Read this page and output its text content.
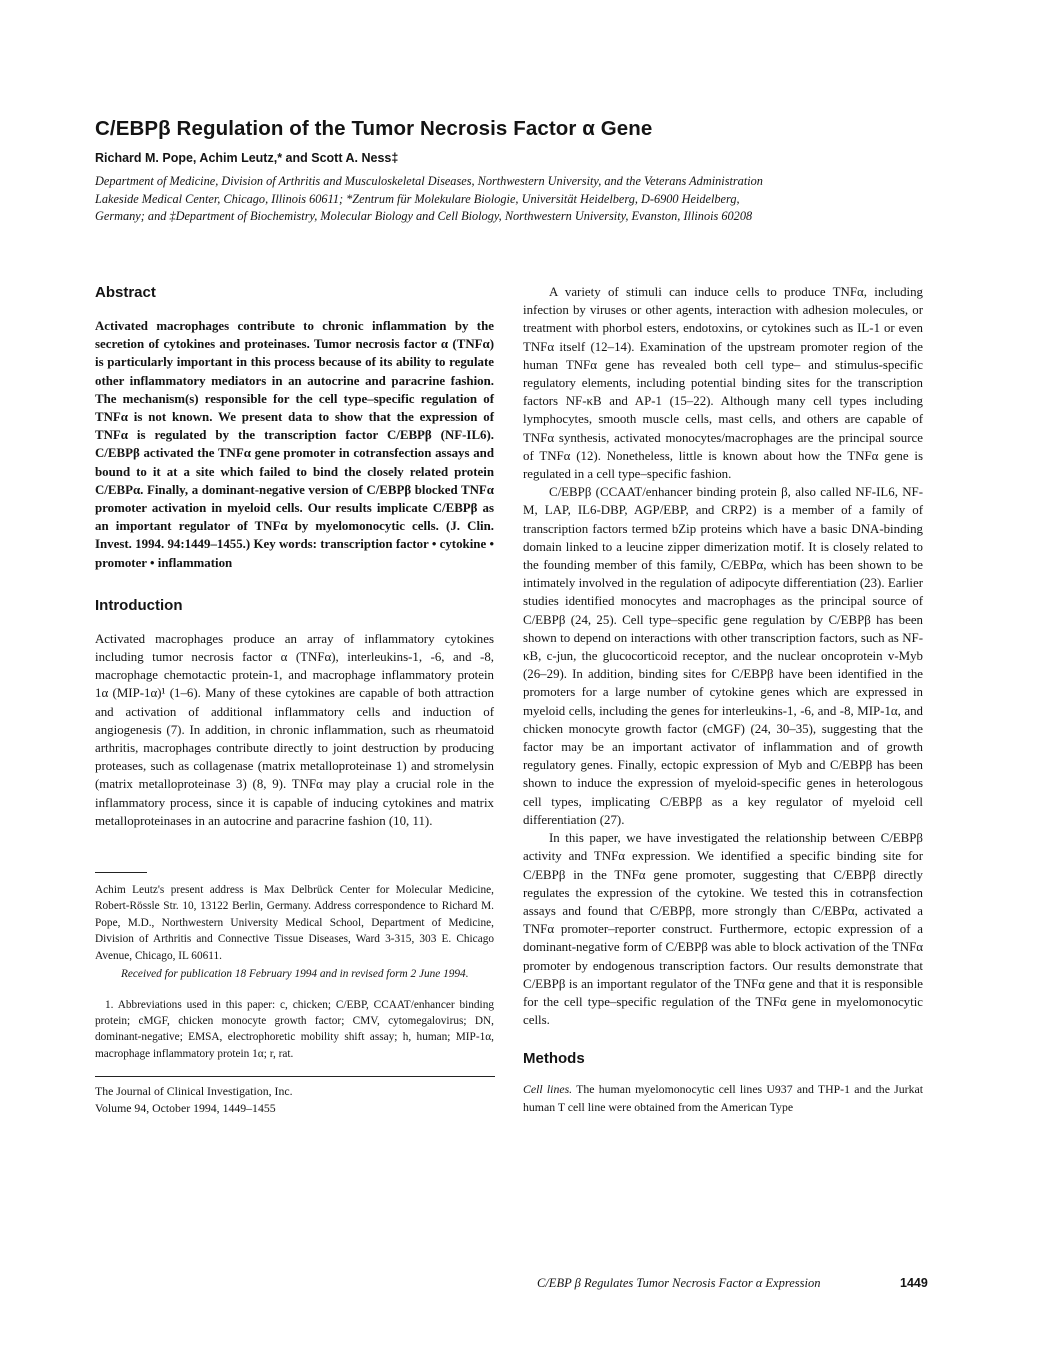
C/EBPβ Regulation of the Tumor Necrosis Factor α Gene
Richard M. Pope, Achim Leutz,* and Scott A. Ness‡
Department of Medicine, Division of Arthritis and Musculoskeletal Diseases, Northwestern University, and the Veterans Administration
Lakeside Medical Center, Chicago, Illinois 60611; *Zentrum für Molekulare Biologie, Universität Heidelberg, D-6900 Heidelberg,
Germany; and ‡Department of Biochemistry, Molecular Biology and Cell Biology, Northwestern University, Evanston, Illinois 60208
Abstract

Activated macrophages contribute to chronic inflammation by the secretion of cytokines and proteinases. Tumor necrosis factor α (TNFα) is particularly important in this process because of its ability to regulate other inflammatory mediators in an autocrine and paracrine fashion. The mechanism(s) responsible for the cell type–specific regulation of TNFα is not known. We present data to show that the expression of TNFα is regulated by the transcription factor C/EBPβ (NF-IL6). C/EBPβ activated the TNFα gene promoter in cotransfection assays and bound to it at a site which failed to bind the closely related protein C/EBPα. Finally, a dominant-negative version of C/EBPβ blocked TNFα promoter activation in myeloid cells. Our results implicate C/EBPβ as an important regulator of TNFα by myelomonocytic cells. (J. Clin. Invest. 1994. 94:1449–1455.) Key words: transcription factor • cytokine • promoter • inflammation

Introduction

Activated macrophages produce an array of inflammatory cytokines including tumor necrosis factor α (TNFα), interleukins-1, -6, and -8, macrophage chemotactic protein-1, and macrophage inflammatory protein 1α (MIP-1α)¹ (1–6). Many of these cytokines are capable of both attraction and activation of additional inflammatory cells and induction of angiogenesis (7). In addition, in chronic inflammation, such as rheumatoid arthritis, macrophages contribute directly to joint destruction by producing proteases, such as collagenase (matrix metalloproteinase 1) and stromelysin (matrix metalloproteinase 3) (8, 9). TNFα may play a crucial role in the inflammatory process, since it is capable of inducing cytokines and matrix metalloproteinases in an autocrine and paracrine fashion (10, 11).

Achim Leutz's present address is Max Delbrück Center for Molecular Medicine, Robert-Rössle Str. 10, 13122 Berlin, Germany. Address correspondence to Richard M. Pope, M.D., Northwestern University Medical School, Department of Medicine, Division of Arthritis and Connective Tissue Diseases, Ward 3-315, 303 E. Chicago Avenue, Chicago, IL 60611.

Received for publication 18 February 1994 and in revised form 2 June 1994.

1. Abbreviations used in this paper: c, chicken; C/EBP, CCAAT/enhancer binding protein; cMGF, chicken monocyte growth factor; CMV, cytomegalovirus; DN, dominant-negative; EMSA, electrophoretic mobility shift assay; h, human; MIP-1α, macrophage inflammatory protein 1α; r, rat.

The Journal of Clinical Investigation, Inc.
Volume 94, October 1994, 1449–1455

A variety of stimuli can induce cells to produce TNFα, including infection by viruses or other agents, interaction with adhesion molecules, or treatment with phorbol esters, endotoxins, or cytokines such as IL-1 or even TNFα itself (12–14). Examination of the upstream promoter region of the human TNFα gene has revealed both cell type– and stimulus-specific regulatory elements, including potential binding sites for the transcription factors NF-κB and AP-1 (15–22). Although many cell types including lymphocytes, smooth muscle cells, mast cells, and others are capable of TNFα synthesis, activated monocytes/macrophages are the principal source of TNFα (12). Nonetheless, little is known about how the TNFα gene is regulated in a cell type–specific fashion.

C/EBPβ (CCAAT/enhancer binding protein β, also called NF-IL6, NF-M, LAP, IL6-DBP, AGP/EBP, and CRP2) is a member of a family of transcription factors termed bZip proteins which have a basic DNA-binding domain linked to a leucine zipper dimerization motif. It is closely related to the founding member of this family, C/EBPα, which has been shown to be intimately involved in the regulation of adipocyte differentiation (23). Earlier studies identified monocytes and macrophages as the principal source of C/EBPβ (24, 25). Cell type–specific gene regulation by C/EBPβ has been shown to depend on interactions with other transcription factors, such as NF-κB, c-jun, the glucocorticoid receptor, and the nuclear oncoprotein v-Myb (26–29). In addition, binding sites for C/EBPβ have been identified in the promoters for a large number of cytokine genes which are expressed in myeloid cells, including the genes for interleukins-1, -6, and -8, MIP-1α, and chicken monocyte growth factor (cMGF) (24, 30–35), suggesting that the factor may be an important activator of inflammation and of growth regulatory genes. Finally, ectopic expression of Myb and C/EBPβ has been shown to induce the expression of myeloid-specific genes in heterologous cell types, implicating C/EBPβ as a key regulator of myeloid cell differentiation (27).

In this paper, we have investigated the relationship between C/EBPβ activity and TNFα expression. We identified a specific binding site for C/EBPβ in the TNFα gene promoter, suggesting that C/EBPβ directly regulates the expression of the cytokine. We tested this in cotransfection assays and found that C/EBPβ, more strongly than C/EBPα, activated a TNFα promoter–reporter construct. Furthermore, ectopic expression of a dominant-negative form of C/EBPβ was able to block activation of the TNFα promoter by endogenous transcription factors. Our results demonstrate that C/EBPβ is an important regulator of the TNFα gene and that it is responsible for the cell type–specific regulation of the TNFα gene in myelomonocytic cells.

Methods

Cell lines. The human myelomonocytic cell lines U937 and THP-1 and the Jurkat human T cell line were obtained from the American Type

C/EBP β Regulates Tumor Necrosis Factor α Expression	1449
